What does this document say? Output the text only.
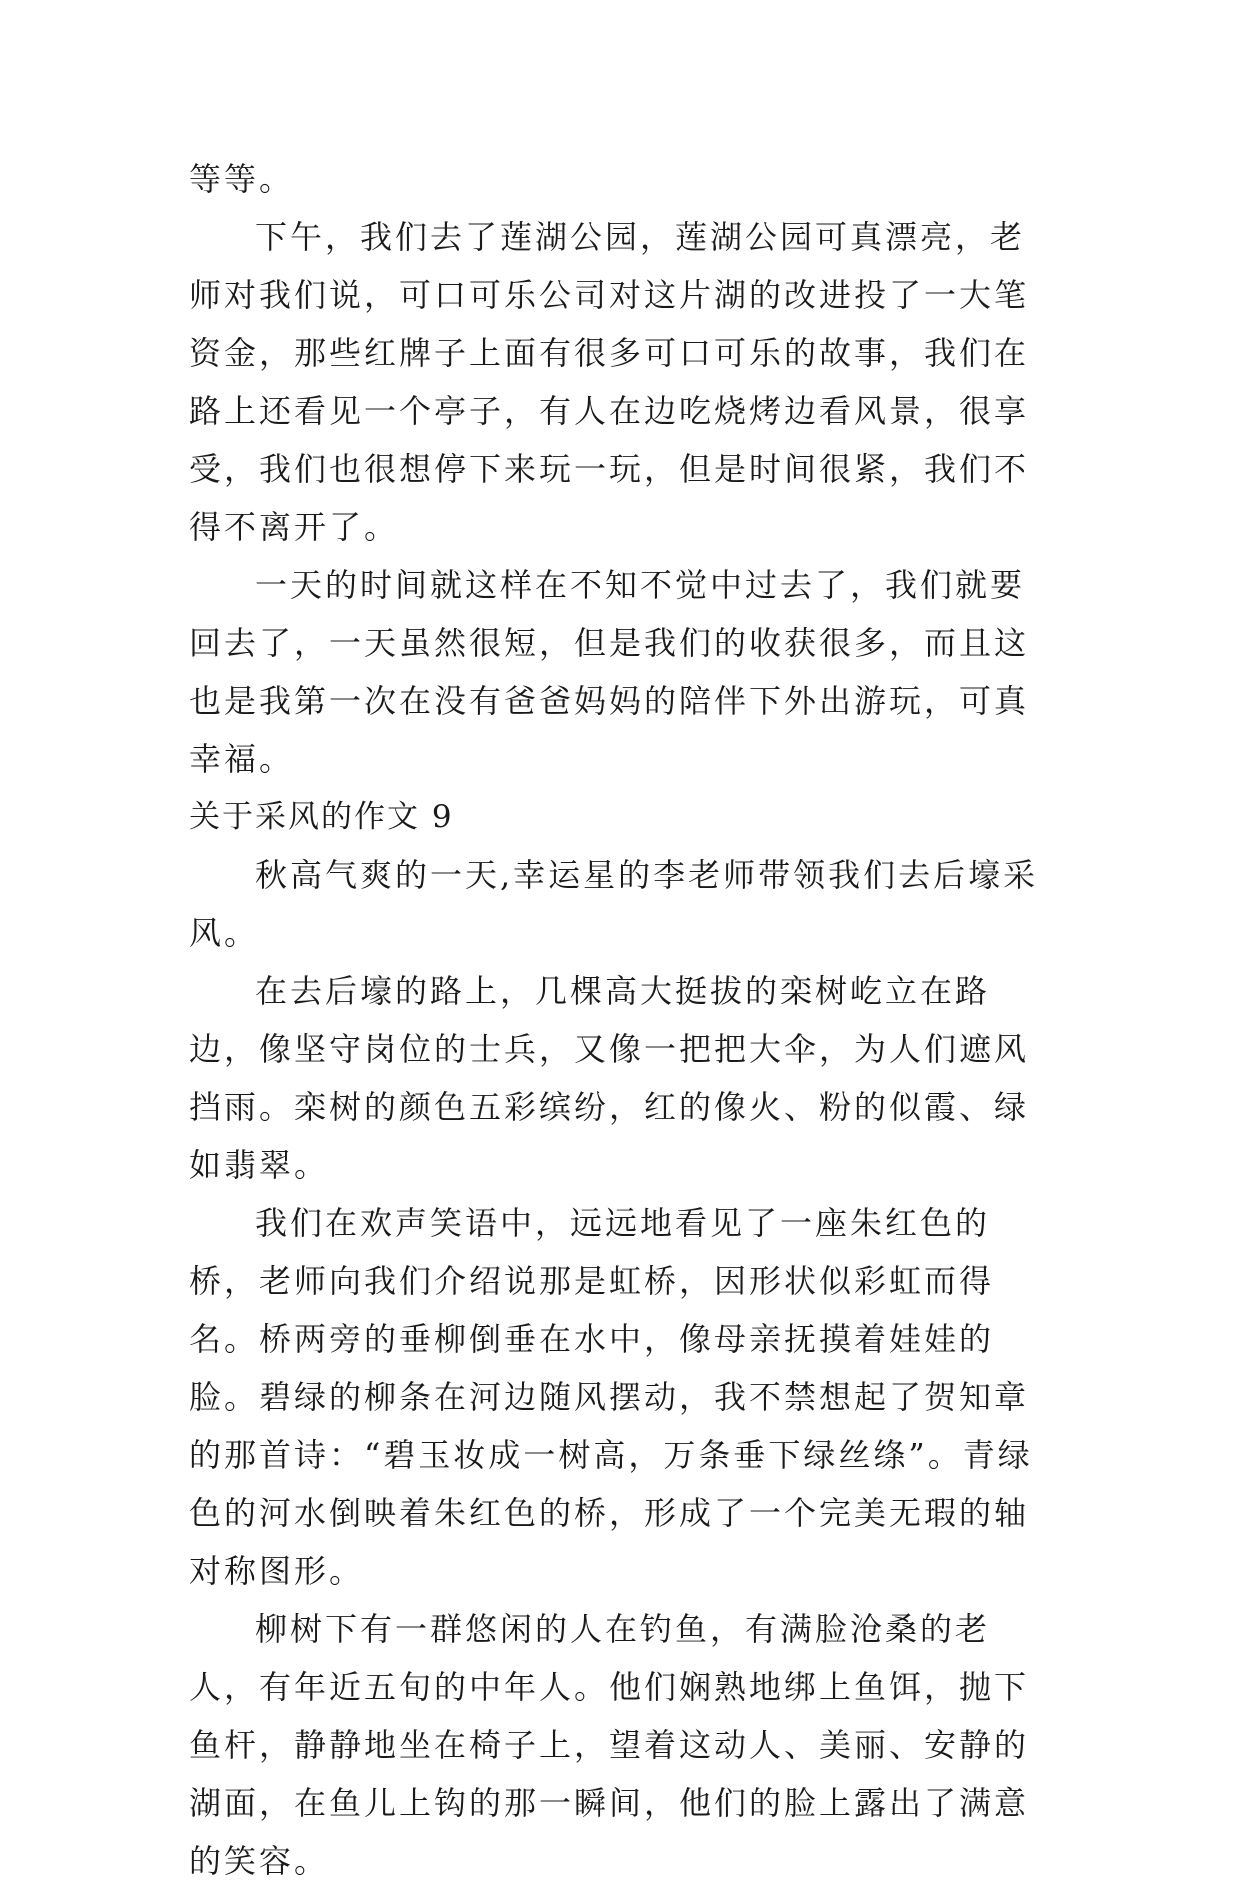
等等。

下午，我们去了莲湖公园，莲湖公园可真漂亮，老师对我们说，可口可乐公司对这片湖的改进投了一大笔资金，那些红牌子上面有很多可口可乐的故事，我们在路上还看见一个亭子，有人在边吃烧烤边看风景，很享受，我们也很想停下来玩一玩，但是时间很紧，我们不得不离开了。

一天的时间就这样在不知不觉中过去了，我们就要回去了，一天虽然很短，但是我们的收获很多，而且这也是我第一次在没有爸爸妈妈的陪伴下外出游玩，可真幸福。

关于采风的作文 9

秋高气爽的一天,幸运星的李老师带领我们去后壕采风。

在去后壕的路上，几棵高大挺拔的栾树屹立在路边，像坚守岗位的士兵，又像一把把大伞，为人们遮风挡雨。栾树的颜色五彩缤纷，红的像火、粉的似霞、绿如翡翠。

我们在欢声笑语中，远远地看见了一座朱红色的桥，老师向我们介绍说那是虹桥，因形状似彩虹而得名。桥两旁的垂柳倒垂在水中，像母亲抚摸着娃娃的脸。碧绿的柳条在河边随风摆动，我不禁想起了贺知章的那首诗：“碧玉妆成一树高，万条垂下绿丝绦”。青绿色的河水倒映着朱红色的桥，形成了一个完美无瑕的轴对称图形。

柳树下有一群悠闲的人在钓鱼，有满脸沧桑的老人，有年近五旬的中年人。他们娴熟地绑上鱼饵，抛下鱼杆，静静地坐在椅子上，望着这动人、美丽、安静的湖面，在鱼儿上钩的那一瞬间，他们的脸上露出了满意的笑容。
